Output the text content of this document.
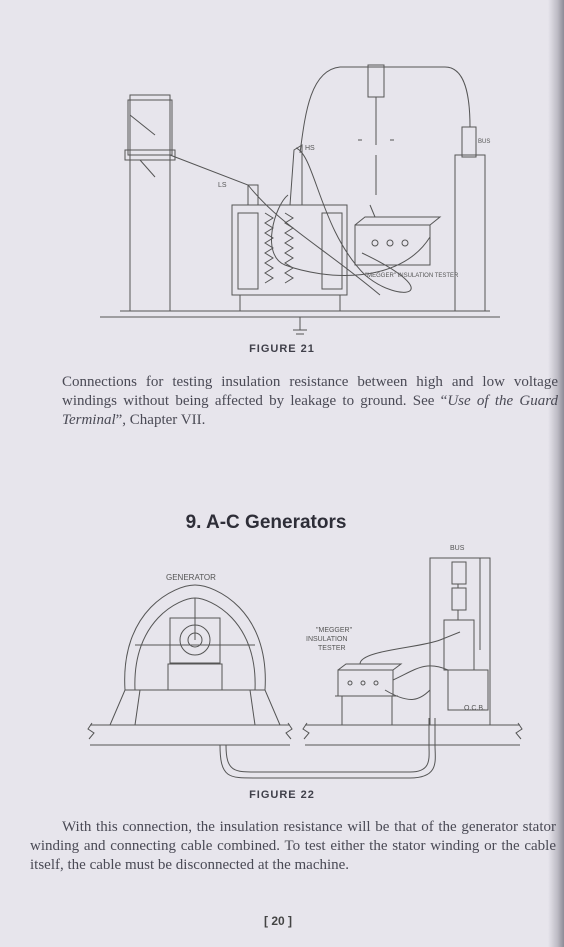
LS
HS
BUS
"MEGGER" INSULATION TESTER
FIGURE 21
Connections for testing insulation resistance between high and low voltage windings without being affected by leakage to ground. See “Use of the Guard Terminal”, Chapter VII.
9. A-C Generators
BUS
GENERATOR
"MEGGER"
INSULATION
TESTER
O.C.B.
FIGURE 22
With this connection, the insulation resistance will be that of the generator stator winding and connecting cable combined. To test either the stator winding or the cable itself, the cable must be disconnected at the machine.
[ 20 ]
